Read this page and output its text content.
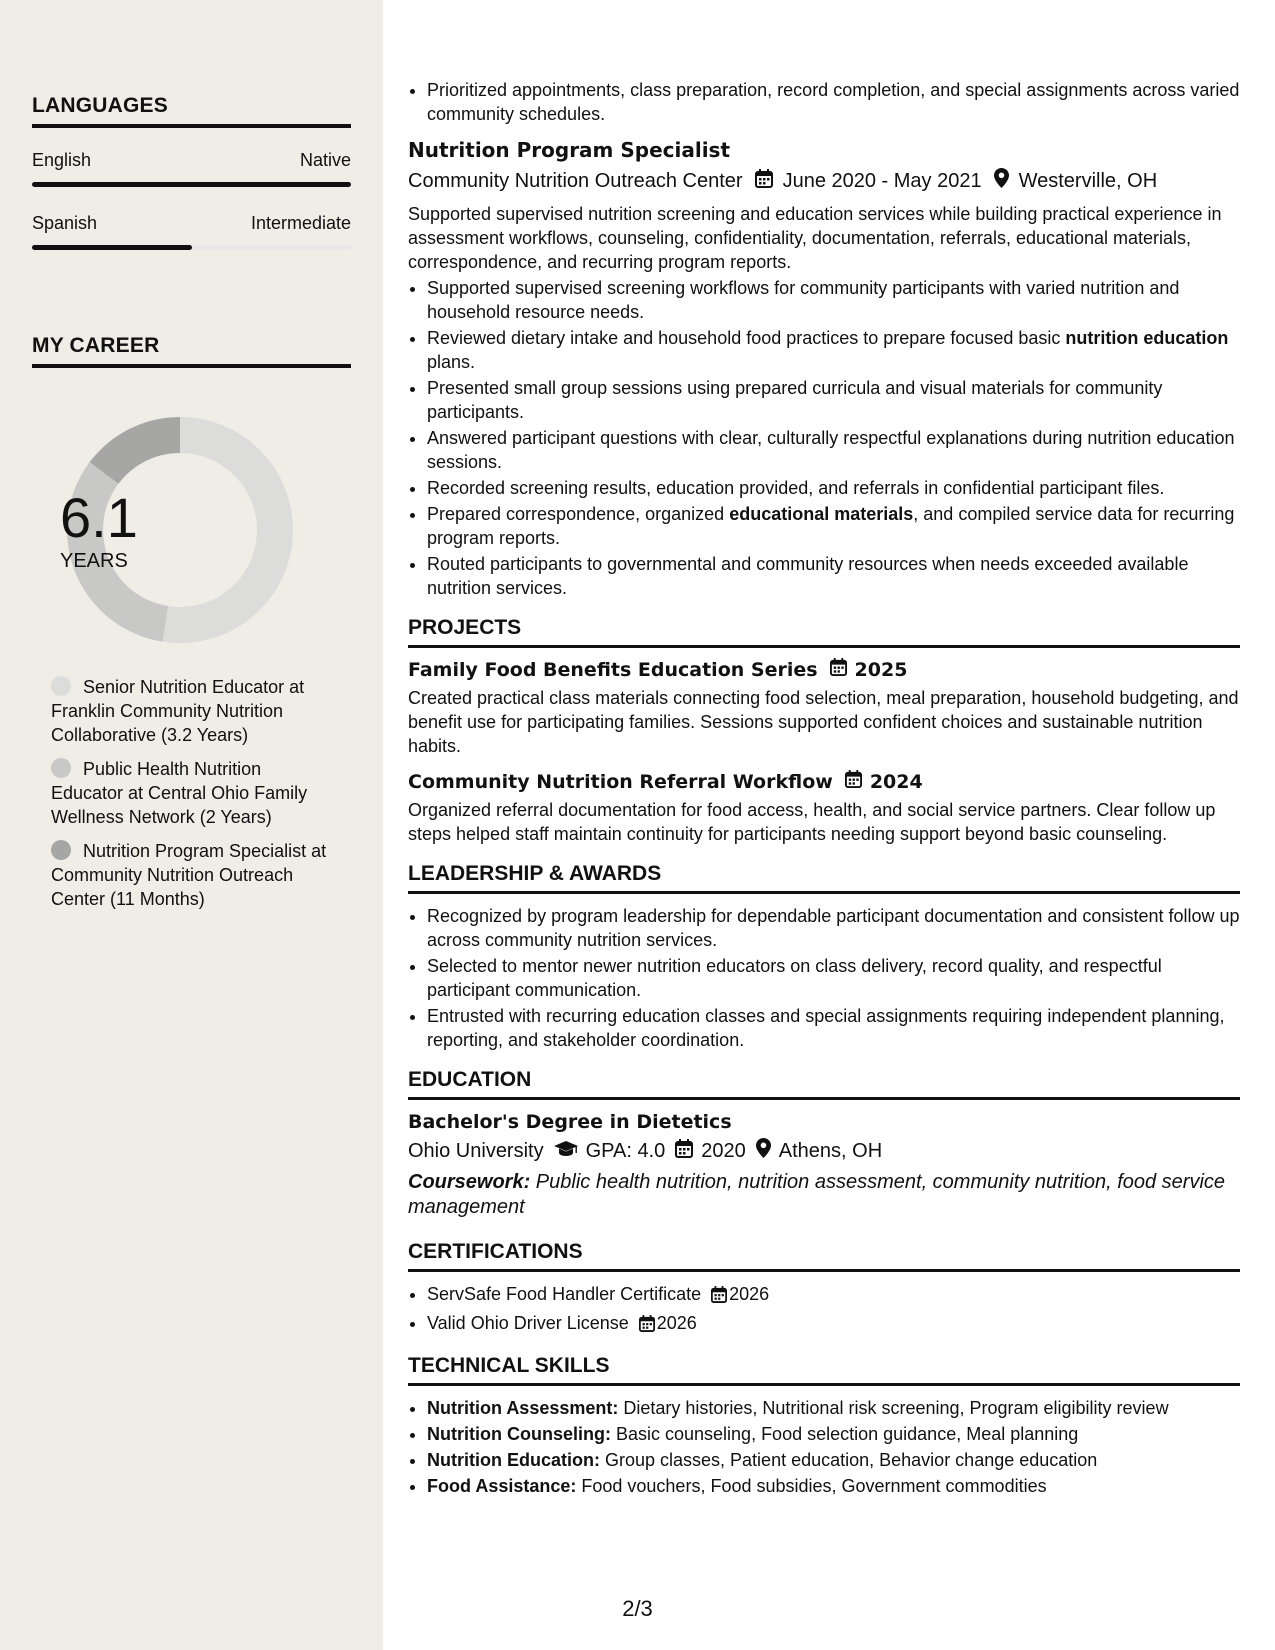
LANGUAGES
English	Native
Spanish	Intermediate
MY CAREER
6.1
YEARS
Senior Nutrition Educator at Franklin Community Nutrition Collaborative (3.2 Years)
Public Health Nutrition Educator at Central Ohio Family Wellness Network (2 Years)
Nutrition Program Specialist at Community Nutrition Outreach Center (11 Months)
• Prioritized appointments, class preparation, record completion, and special assignments across varied community schedules.
Nutrition Program Specialist
Community Nutrition Outreach Center June 2020 - May 2021 Westerville, OH
Supported supervised nutrition screening and education services while building practical experience in assessment workflows, counseling, confidentiality, documentation, referrals, educational materials, correspondence, and recurring program reports.
• Supported supervised screening workflows for community participants with varied nutrition and household resource needs.
• Reviewed dietary intake and household food practices to prepare focused basic nutrition education plans.
• Presented small group sessions using prepared curricula and visual materials for community participants.
• Answered participant questions with clear, culturally respectful explanations during nutrition education sessions.
• Recorded screening results, education provided, and referrals in confidential participant files.
• Prepared correspondence, organized educational materials, and compiled service data for recurring program reports.
• Routed participants to governmental and community resources when needs exceeded available nutrition services.
PROJECTS
Family Food Benefits Education Series 2025
Created practical class materials connecting food selection, meal preparation, household budgeting, and benefit use for participating families. Sessions supported confident choices and sustainable nutrition habits.
Community Nutrition Referral Workflow 2024
Organized referral documentation for food access, health, and social service partners. Clear follow up steps helped staff maintain continuity for participants needing support beyond basic counseling.
LEADERSHIP & AWARDS
• Recognized by program leadership for dependable participant documentation and consistent follow up across community nutrition services.
• Selected to mentor newer nutrition educators on class delivery, record quality, and respectful participant communication.
• Entrusted with recurring education classes and special assignments requiring independent planning, reporting, and stakeholder coordination.
EDUCATION
Bachelor's Degree in Dietetics
Ohio University GPA: 4.0 2020 Athens, OH
Coursework: Public health nutrition, nutrition assessment, community nutrition, food service management
CERTIFICATIONS
• ServSafe Food Handler Certificate 2026
• Valid Ohio Driver License 2026
TECHNICAL SKILLS
• Nutrition Assessment: Dietary histories, Nutritional risk screening, Program eligibility review
• Nutrition Counseling: Basic counseling, Food selection guidance, Meal planning
• Nutrition Education: Group classes, Patient education, Behavior change education
• Food Assistance: Food vouchers, Food subsidies, Government commodities
2/3
